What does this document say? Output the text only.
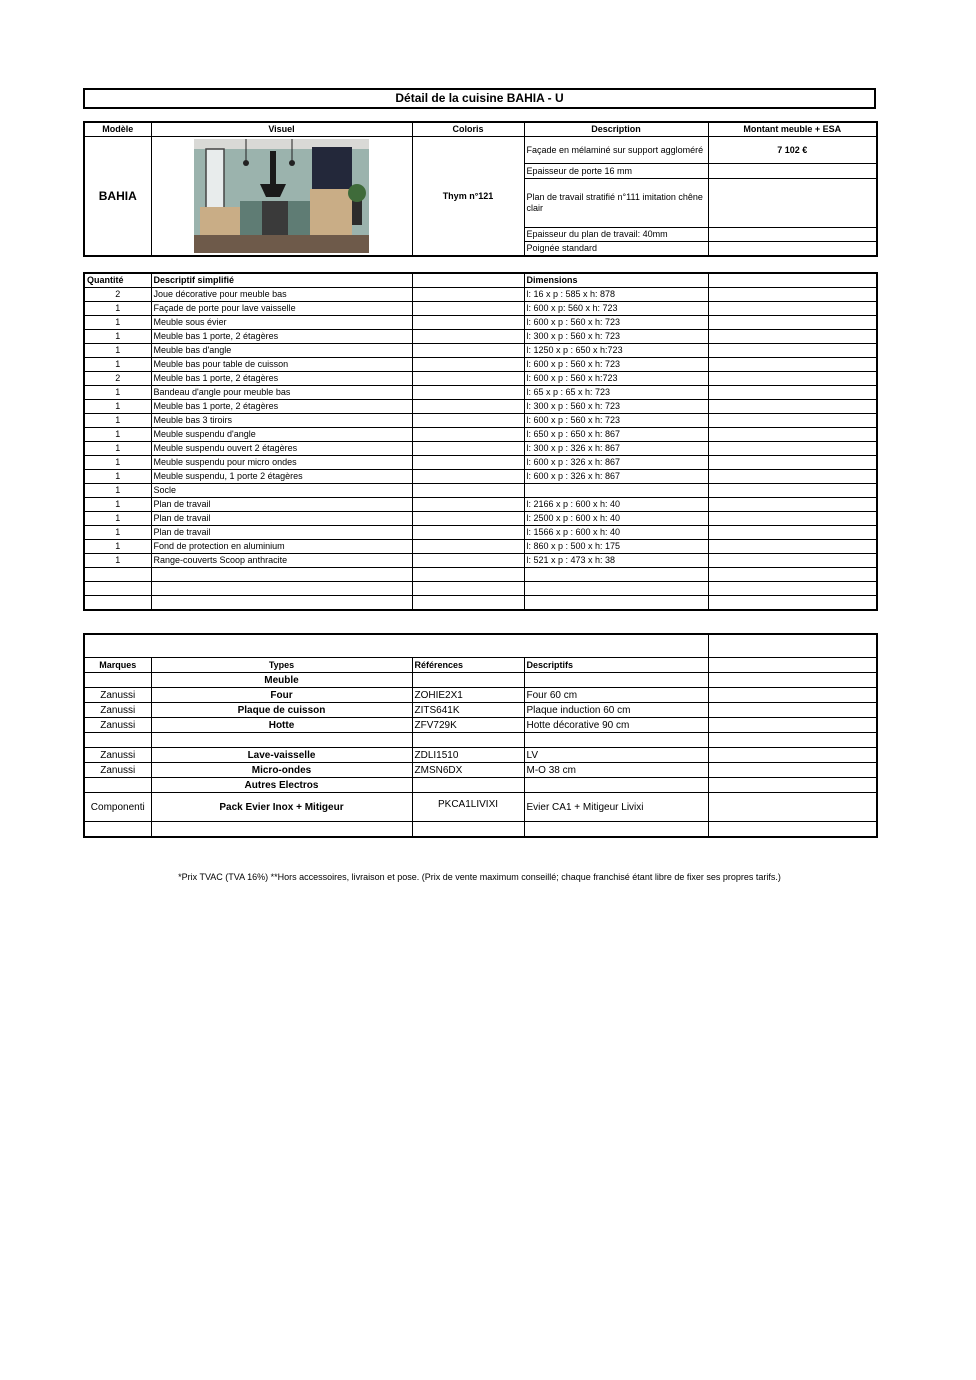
Détail de la cuisine BAHIA - U
Modèle	Visuel	Coloris	Description	Montant meuble + ESA
BAHIA		Thym n°121	Façade en mélaminé sur support aggloméré	7 102 €
			Epaisseur de porte 16 mm	
			Plan de travail stratifié n°111 imitation chêne clair	
			Epaisseur du plan de travail: 40mm	
			Poignée standard	
Quantité	Descriptif simplifié		Dimensions	
2	Joue décorative pour meuble bas		l: 16 x p : 585 x h: 878	
1	Façade de porte pour lave vaisselle		l: 600 x p: 560 x h: 723	
1	Meuble sous évier		l: 600 x p : 560 x h: 723	
1	Meuble bas 1 porte, 2 étagères		l: 300 x p : 560 x h: 723	
1	Meuble bas d'angle		l: 1250 x p : 650 x h:723	
1	Meuble bas pour table de cuisson		l: 600 x p : 560 x h: 723	
2	Meuble bas 1 porte, 2 étagères		l: 600 x p : 560 x h:723	
1	Bandeau d'angle pour meuble bas		l: 65 x p : 65 x h: 723	
1	Meuble bas 1 porte, 2 étagères		l: 300 x p : 560 x h: 723	
1	Meuble bas 3 tiroirs		l: 600 x p : 560 x h: 723	
1	Meuble suspendu d'angle		l: 650 x p : 650 x h: 867	
1	Meuble suspendu ouvert 2 étagères		l: 300 x p : 326 x h: 867	
1	Meuble suspendu pour micro ondes		l: 600 x p : 326 x h: 867	
1	Meuble suspendu, 1 porte 2 étagères		l: 600 x p : 326 x h: 867	
1	Socle			
1	Plan de travail		l: 2166 x p : 600 x h: 40	
1	Plan de travail		l: 2500 x p : 600 x h: 40	
1	Plan de travail		l: 1566 x p : 600 x h: 40	
1	Fond de protection en aluminium		l: 860 x p : 500 x h: 175	
1	Range-couverts Scoop anthracite		l: 521 x p : 473 x h: 38	

Marques	Types	Références	Descriptifs	
	Meuble			
Zanussi	Four	ZOHIE2X1	Four 60 cm	
Zanussi	Plaque de cuisson	ZITS641K	Plaque induction 60 cm	
Zanussi	Hotte	ZFV729K	Hotte décorative 90 cm	

Zanussi	Lave-vaisselle	ZDLI1510	LV	
Zanussi	Micro-ondes	ZMSN6DX	M-O 38 cm	
	Autres Electros			
Componenti	Pack Evier Inox + Mitigeur	PKCA1LIVIXI	Evier CA1 + Mitigeur Livixi	

*Prix TVAC (TVA 16%) **Hors accessoires, livraison et pose. (Prix de vente maximum conseillé; chaque franchisé étant libre de fixer ses propres tarifs.)
